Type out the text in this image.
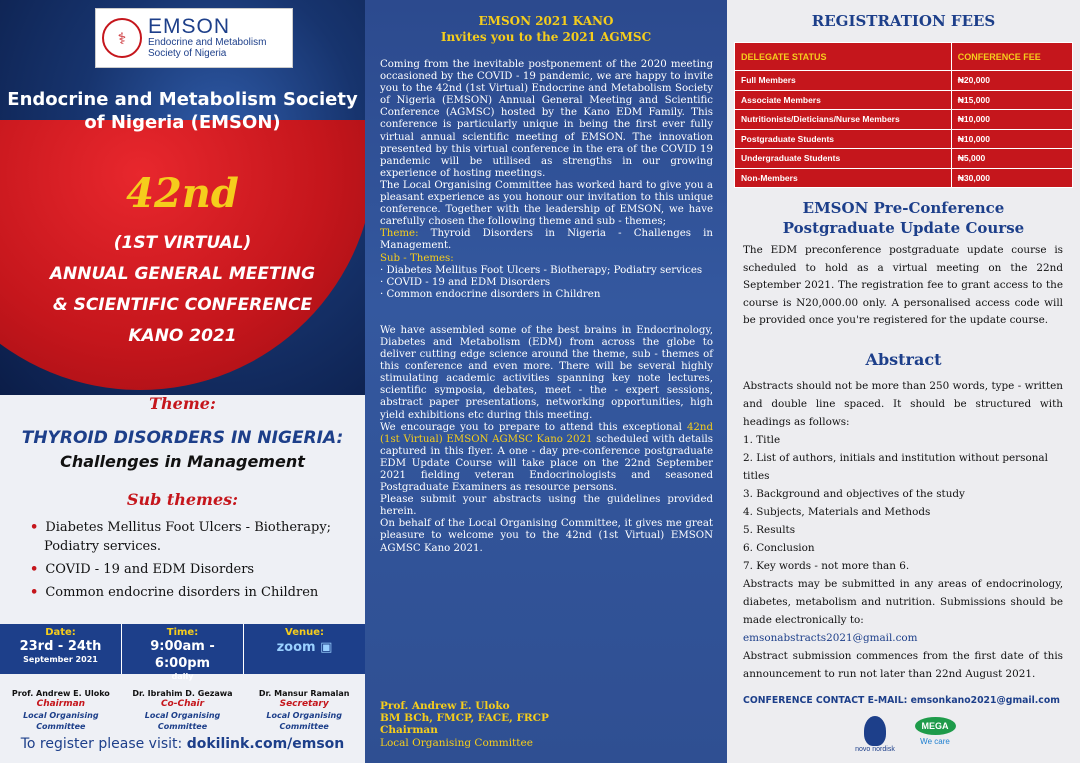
⚕	EMSON
Endocrine and Metabolism
Society of Nigeria
Endocrine and Metabolism Society
of Nigeria (EMSON)
42nd
(1ST VIRTUAL)
ANNUAL GENERAL MEETING
& SCIENTIFIC CONFERENCE
KANO 2021
Theme:
THYROID DISORDERS IN NIGERIA:
Challenges in Management
Sub themes:
• Diabetes Mellitus Foot Ulcers - Biotherapy; Podiatry services.
• COVID - 19 and EDM Disorders
• Common endocrine disorders in Children
Date:
23rd - 24th
September 2021
Time:
9:00am - 6:00pm
daily
Venue:
zoom ▣
Prof. Andrew E. Uloko
Chairman
Local Organising Committee
Dr. Ibrahim D. Gezawa
Co-Chair
Local Organising Committee
Dr. Mansur Ramalan
Secretary
Local Organising Committee
To register please visit: dokilink.com/emson
EMSON 2021 KANO
Invites you to the 2021 AGMSC
Coming from the inevitable postponement of the 2020 meeting occasioned by the COVID - 19 pandemic, we are happy to invite you to the 42nd (1st Virtual) Endocrine and Metabolism Society of Nigeria (EMSON) Annual General Meeting and Scientific Conference (AGMSC) hosted by the Kano EDM Family. This conference is particularly unique in being the first ever fully virtual annual scientific meeting of EMSON. The innovation presented by this virtual conference in the era of the COVID 19 pandemic will be utilised as strengths in our growing experience of hosting meetings.
The Local Organising Committee has worked hard to give you a pleasant experience as you honour our invitation to this unique conference. Together with the leadership of EMSON, we have carefully chosen the following theme and sub - themes;
Theme: Thyroid Disorders in Nigeria - Challenges in Management.
Sub - Themes:
· Diabetes Mellitus Foot Ulcers - Biotherapy; Podiatry services
· COVID - 19 and EDM Disorders
· Common endocrine disorders in Children
We have assembled some of the best brains in Endocrinology, Diabetes and Metabolism (EDM) from across the globe to deliver cutting edge science around the theme, sub - themes of this conference and even more. There will be several highly stimulating academic activities spanning key note lectures, scientific symposia, debates, meet - the - expert sessions, abstract paper presentations, networking opportunities, high yield exhibitions etc during this meeting.
We encourage you to prepare to attend this exceptional 42nd (1st Virtual) EMSON AGMSC Kano 2021 scheduled with details captured in this flyer. A one - day pre-conference postgraduate EDM Update Course will take place on the 22nd September 2021 fielding veteran Endocrinologists and seasoned Postgraduate Examiners as resource persons.
Please submit your abstracts using the guidelines provided herein.
On behalf of the Local Organising Committee, it gives me great pleasure to welcome you to the 42nd (1st Virtual) EMSON AGMSC Kano 2021.
Prof. Andrew E. Uloko
BM BCh, FMCP, FACE, FRCP
Chairman
Local Organising Committee
REGISTRATION FEES
DELEGATE STATUS	CONFERENCE FEE
Full Members	₦20,000
Associate Members	₦15,000
Nutritionists/Dieticians/Nurse Members	₦10,000
Postgraduate Students	₦10,000
Undergraduate Students	₦5,000
Non-Members	₦30,000
EMSON Pre-Conference
Postgraduate Update Course
The EDM preconference postgraduate update course is scheduled to hold as a virtual meeting on the 22nd September 2021. The registration fee to grant access to the course is N20,000.00 only. A personalised access code will be provided once you're registered for the update course.
Abstract
Abstracts should not be more than 250 words, type - written and double line spaced. It should be structured with headings as follows:
1. Title
2. List of authors, initials and institution without personal titles
3. Background and objectives of the study
4. Subjects, Materials and Methods
5. Results
6. Conclusion
7. Key words - not more than 6.
Abstracts may be submitted in any areas of endocrinology, diabetes, metabolism and nutrition. Submissions should be made electronically to:
emsonabstracts2021@gmail.com
Abstract submission commences from the first date of this announcement to run not later than 22nd August 2021.
CONFERENCE CONTACT E-MAIL: emsonkano2021@gmail.com
novo nordisk
MEGA
We care
